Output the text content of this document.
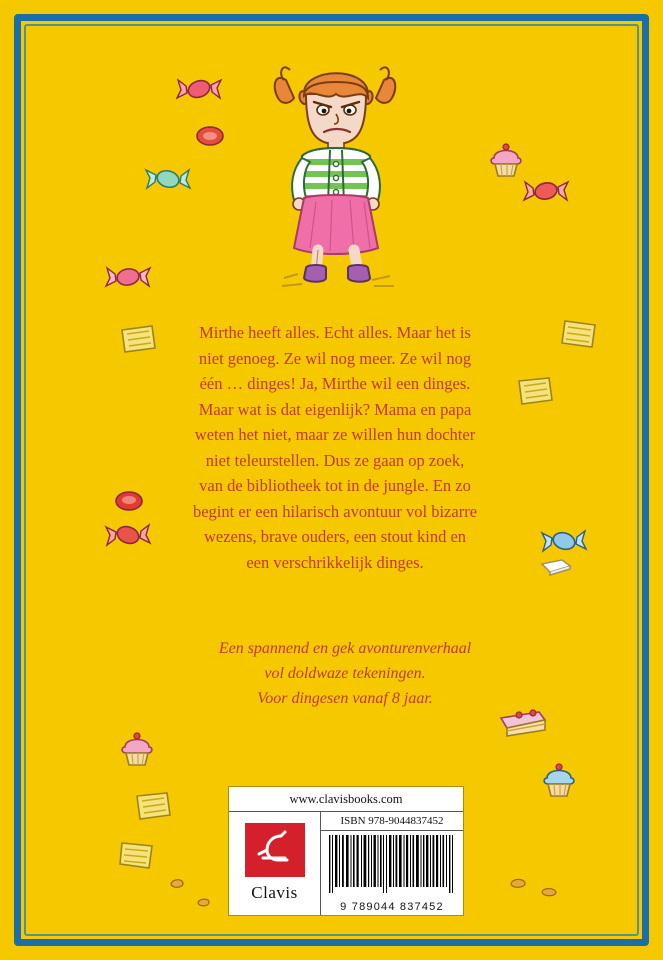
Mirthe heeft alles. Echt alles. Maar het is

niet genoeg. Ze wil nog meer. Ze wil nog

één … dinges! Ja, Mirthe wil een dinges.

Maar wat is dat eigenlijk? Mama en papa

weten het niet, maar ze willen hun dochter

niet teleurstellen. Dus ze gaan op zoek,

van de bibliotheek tot in de jungle. En zo

begint er een hilarisch avontuur vol bizarre

wezens, brave ouders, een stout kind en

een verschrikkelijk dinges.

Een spannend en gek avonturenverhaal

vol doldwaze tekeningen.

Voor dingesen vanaf 8 jaar.

www.clavisbooks.com
Clavis
ISBN 978-9044837452
9 789044 837452
